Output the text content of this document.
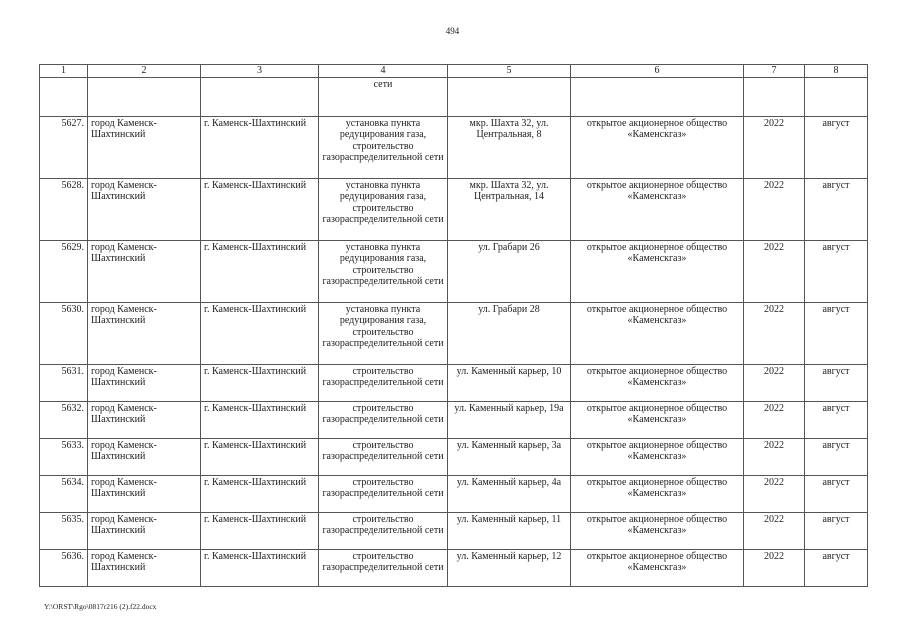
494
1	2	3	4	5	6	7	8
			сети				
5627.	город Каменск-Шахтинский	г. Каменск-Шахтинский	установка пункта редуцирования газа, строительство газораспределительной сети	мкр. Шахта 32, ул. Центральная, 8	открытое акционерное общество «Каменскгаз»	2022	август
5628.	город Каменск-Шахтинский	г. Каменск-Шахтинский	установка пункта редуцирования газа, строительство газораспределительной сети	мкр. Шахта 32, ул. Центральная, 14	открытое акционерное общество «Каменскгаз»	2022	август
5629.	город Каменск-Шахтинский	г. Каменск-Шахтинский	установка пункта редуцирования газа, строительство газораспределительной сети	ул. Грабари 26	открытое акционерное общество «Каменскгаз»	2022	август
5630.	город Каменск-Шахтинский	г. Каменск-Шахтинский	установка пункта редуцирования газа, строительство газораспределительной сети	ул. Грабари 28	открытое акционерное общество «Каменскгаз»	2022	август
5631.	город Каменск-Шахтинский	г. Каменск-Шахтинский	строительство газораспределительной сети	ул. Каменный карьер, 10	открытое акционерное общество «Каменскгаз»	2022	август
5632.	город Каменск-Шахтинский	г. Каменск-Шахтинский	строительство газораспределительной сети	ул. Каменный карьер, 19а	открытое акционерное общество «Каменскгаз»	2022	август
5633.	город Каменск-Шахтинский	г. Каменск-Шахтинский	строительство газораспределительной сети	ул. Каменный карьер, 3а	открытое акционерное общество «Каменскгаз»	2022	август
5634.	город Каменск-Шахтинский	г. Каменск-Шахтинский	строительство газораспределительной сети	ул. Каменный карьер, 4а	открытое акционерное общество «Каменскгаз»	2022	август
5635.	город Каменск-Шахтинский	г. Каменск-Шахтинский	строительство газораспределительной сети	ул. Каменный карьер, 11	открытое акционерное общество «Каменскгаз»	2022	август
5636.	город Каменск-Шахтинский	г. Каменск-Шахтинский	строительство газораспределительной сети	ул. Каменный карьер, 12	открытое акционерное общество «Каменскгаз»	2022	август
Y:\ORST\Rgo\0817r216 (2).f22.docx
